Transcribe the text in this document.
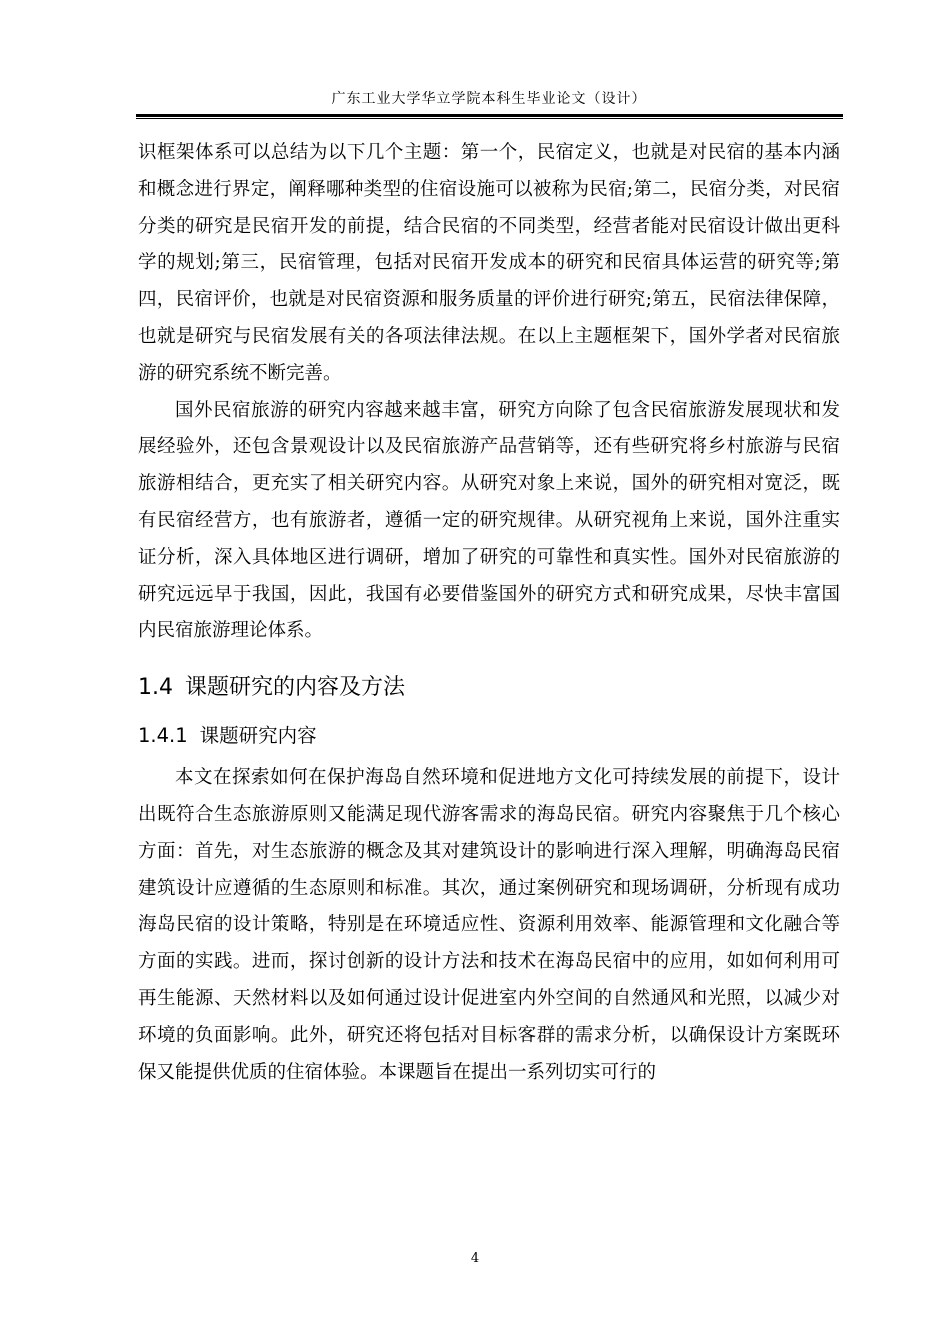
广东工业大学华立学院本科生毕业论文（设计）

识框架体系可以总结为以下几个主题：第一个，民宿定义，也就是对民宿的基本内涵和概念进行界定，阐释哪种类型的住宿设施可以被称为民宿;第二，民宿分类，对民宿分类的研究是民宿开发的前提，结合民宿的不同类型，经营者能对民宿设计做出更科学的规划;第三，民宿管理，包括对民宿开发成本的研究和民宿具体运营的研究等;第四，民宿评价，也就是对民宿资源和服务质量的评价进行研究;第五，民宿法律保障，也就是研究与民宿发展有关的各项法律法规。在以上主题框架下，国外学者对民宿旅游的研究系统不断完善。

国外民宿旅游的研究内容越来越丰富，研究方向除了包含民宿旅游发展现状和发展经验外，还包含景观设计以及民宿旅游产品营销等，还有些研究将乡村旅游与民宿旅游相结合，更充实了相关研究内容。从研究对象上来说，国外的研究相对宽泛，既有民宿经营方，也有旅游者，遵循一定的研究规律。从研究视角上来说，国外注重实证分析，深入具体地区进行调研，增加了研究的可靠性和真实性。国外对民宿旅游的研究远远早于我国，因此，我国有必要借鉴国外的研究方式和研究成果，尽快丰富国内民宿旅游理论体系。

1.4 课题研究的内容及方法
1.4.1 课题研究内容

本文在探索如何在保护海岛自然环境和促进地方文化可持续发展的前提下，设计出既符合生态旅游原则又能满足现代游客需求的海岛民宿。研究内容聚焦于几个核心方面：首先，对生态旅游的概念及其对建筑设计的影响进行深入理解，明确海岛民宿建筑设计应遵循的生态原则和标准。其次，通过案例研究和现场调研，分析现有成功海岛民宿的设计策略，特别是在环境适应性、资源利用效率、能源管理和文化融合等方面的实践。进而，探讨创新的设计方法和技术在海岛民宿中的应用，如如何利用可再生能源、天然材料以及如何通过设计促进室内外空间的自然通风和光照，以减少对环境的负面影响。此外，研究还将包括对目标客群的需求分析，以确保设计方案既环保又能提供优质的住宿体验。本课题旨在提出一系列切实可行的

4
